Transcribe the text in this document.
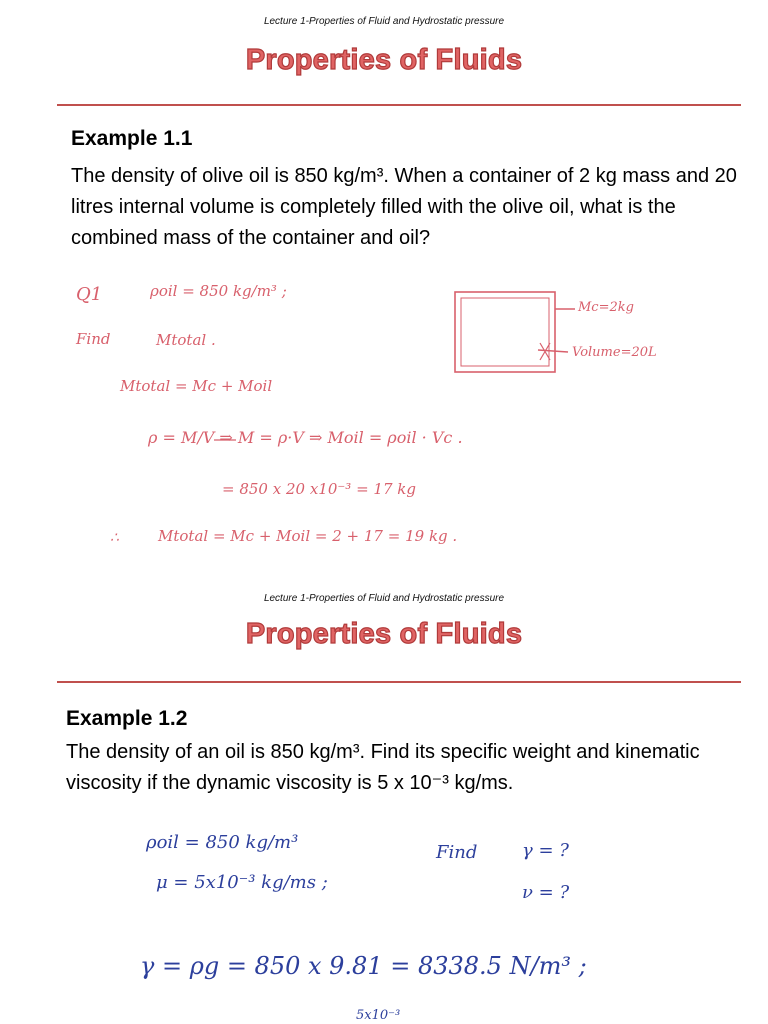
Lecture 1-Properties of Fluid and Hydrostatic pressure
Properties of Fluids
Example 1.1
The density of olive oil is 850 kg/m³. When a container of 2 kg mass and 20 litres internal volume is completely filled with the olive oil, what is the combined mass of the container and oil?
Q1	ρoil = 850 kg/m³ ;
Find	Mtotal .
Mc=2kg
Volume=20L
Mtotal = Mc + Moil
ρ = M/V ⇒ M = ρ·V ⇒ Moil = ρoil · Vc .
= 850 x 20 x10⁻³ = 17 kg
∴	Mtotal = Mc + Moil = 2 + 17 = 19 kg .
Lecture 1-Properties of Fluid and Hydrostatic pressure
Properties of Fluids
Example 1.2
The density of an oil is 850 kg/m³. Find its specific weight and kinematic viscosity if the dynamic viscosity is 5 x 10⁻³ kg/ms.
ρoil = 850 kg/m³
μ = 5x10⁻³ kg/ms ;
Find γ = ?
ν = ?
γ = ρg = 850 x 9.81 = 8338.5 N/m³ ;
5x10⁻³
